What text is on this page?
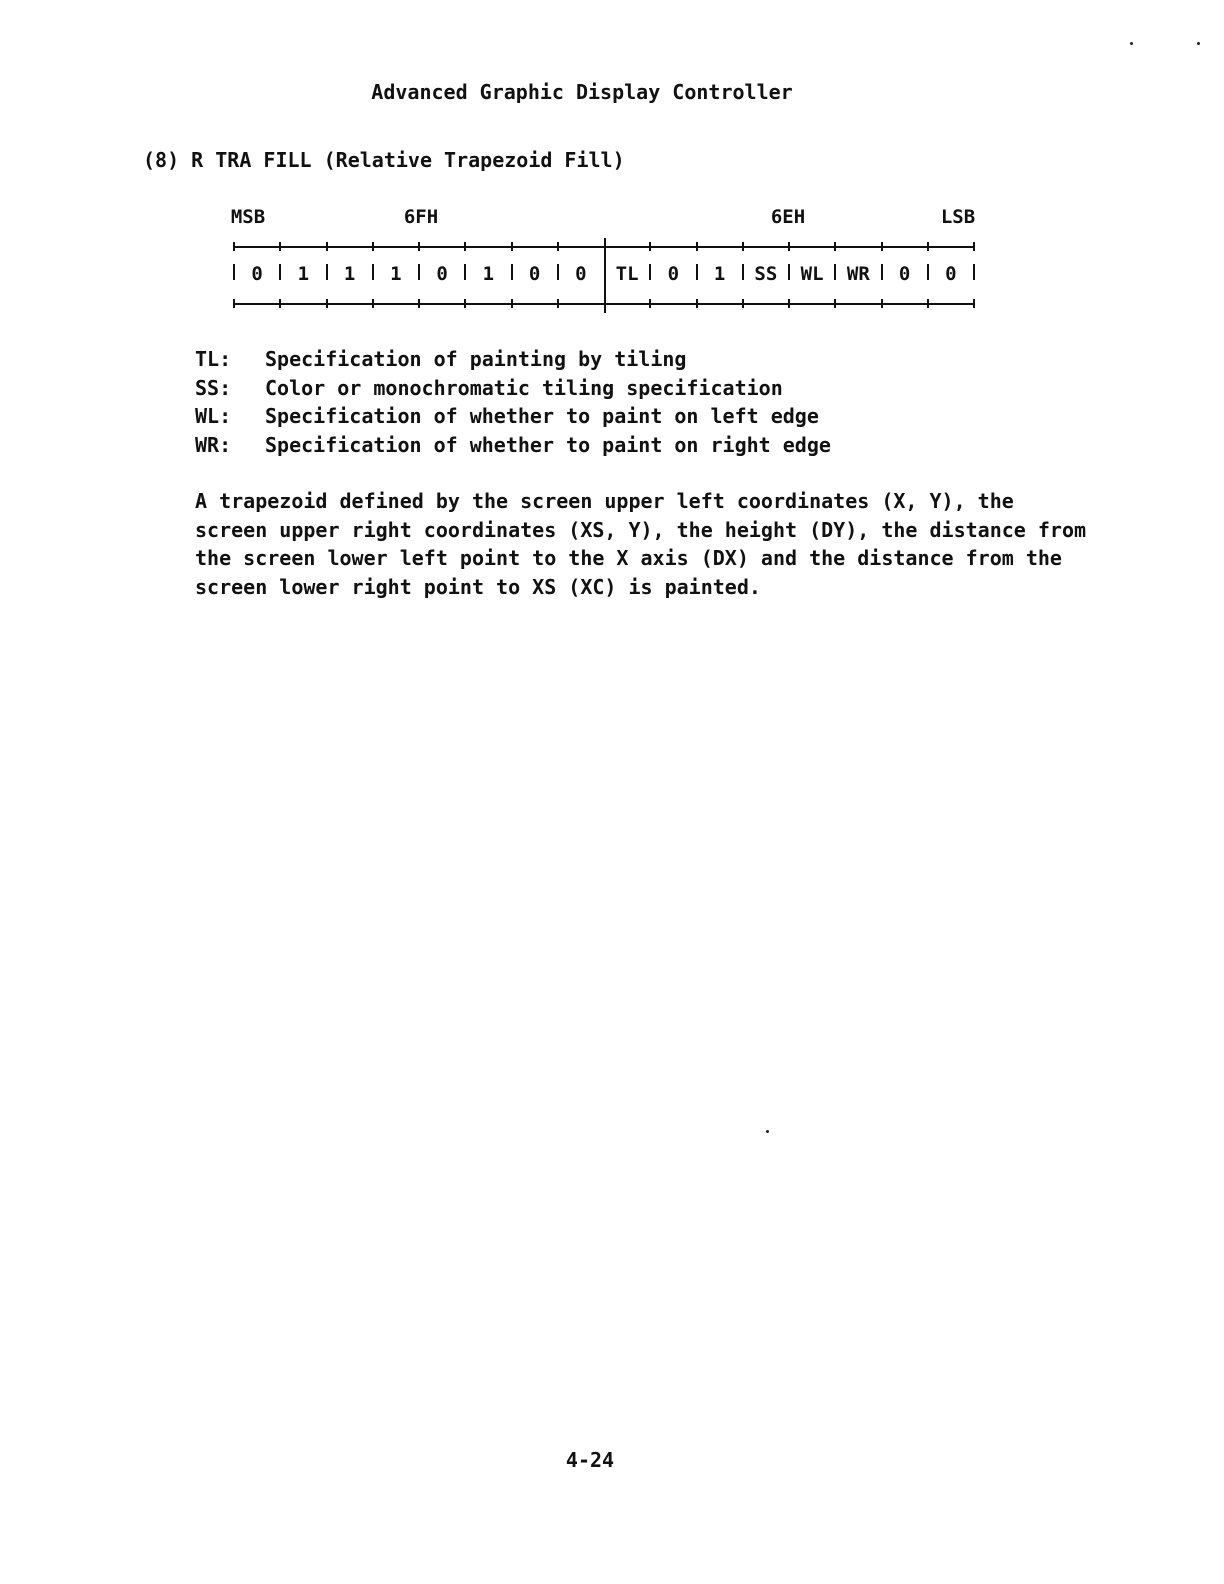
Advanced Graphic Display Controller
(8) R TRA FILL (Relative Trapezoid Fill)
MSB	6FH	6EH	LSB
0	1	1	1	0	1	0	0	TL	0	1	SS	WL	WR	0	0
TL:	Specification of painting by tiling
SS:	Color or monochromatic tiling specification
WL:	Specification of whether to paint on left edge
WR:	Specification of whether to paint on right edge
A trapezoid defined by the screen upper left coordinates (X, Y), the
screen upper right coordinates (XS, Y), the height (DY), the distance from
the screen lower left point to the X axis (DX) and the distance from the
screen lower right point to XS (XC) is painted.
4-24
